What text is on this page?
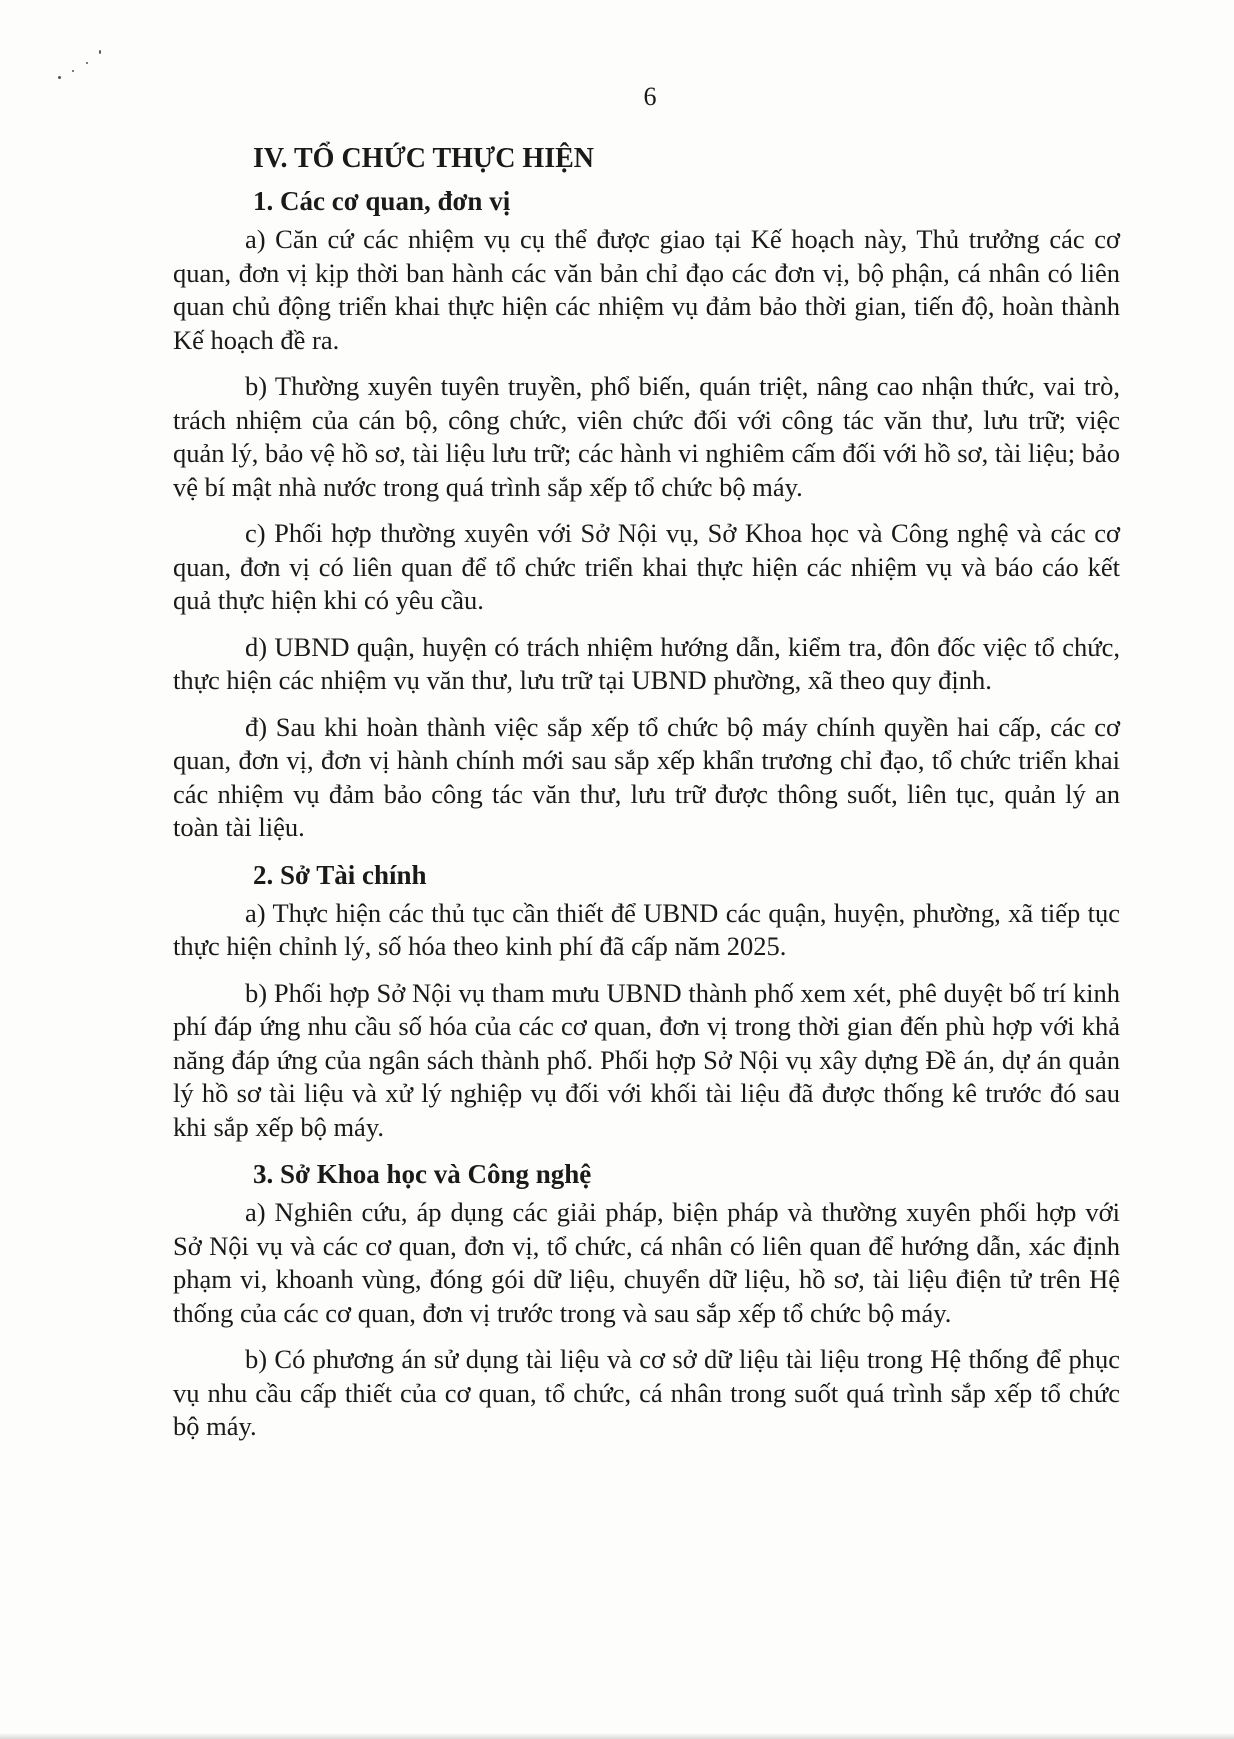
6
IV. TỔ CHỨC THỰC HIỆN
1. Các cơ quan, đơn vị

a) Căn cứ các nhiệm vụ cụ thể được giao tại Kế hoạch này, Thủ trưởng các cơ quan, đơn vị kịp thời ban hành các văn bản chỉ đạo các đơn vị, bộ phận, cá nhân có liên quan chủ động triển khai thực hiện các nhiệm vụ đảm bảo thời gian, tiến độ, hoàn thành Kế hoạch đề ra.

b) Thường xuyên tuyên truyền, phổ biến, quán triệt, nâng cao nhận thức, vai trò, trách nhiệm của cán bộ, công chức, viên chức đối với công tác văn thư, lưu trữ; việc quản lý, bảo vệ hồ sơ, tài liệu lưu trữ; các hành vi nghiêm cấm đối với hồ sơ, tài liệu; bảo vệ bí mật nhà nước trong quá trình sắp xếp tổ chức bộ máy.

c) Phối hợp thường xuyên với Sở Nội vụ, Sở Khoa học và Công nghệ và các cơ quan, đơn vị có liên quan để tổ chức triển khai thực hiện các nhiệm vụ và báo cáo kết quả thực hiện khi có yêu cầu.

d) UBND quận, huyện có trách nhiệm hướng dẫn, kiểm tra, đôn đốc việc tổ chức, thực hiện các nhiệm vụ văn thư, lưu trữ tại UBND phường, xã theo quy định.

đ) Sau khi hoàn thành việc sắp xếp tổ chức bộ máy chính quyền hai cấp, các cơ quan, đơn vị, đơn vị hành chính mới sau sắp xếp khẩn trương chỉ đạo, tổ chức triển khai các nhiệm vụ đảm bảo công tác văn thư, lưu trữ được thông suốt, liên tục, quản lý an toàn tài liệu.

2. Sở Tài chính

a) Thực hiện các thủ tục cần thiết để UBND các quận, huyện, phường, xã tiếp tục thực hiện chỉnh lý, số hóa theo kinh phí đã cấp năm 2025.

b) Phối hợp Sở Nội vụ tham mưu UBND thành phố xem xét, phê duyệt bố trí kinh phí đáp ứng nhu cầu số hóa của các cơ quan, đơn vị trong thời gian đến phù hợp với khả năng đáp ứng của ngân sách thành phố. Phối hợp Sở Nội vụ xây dựng Đề án, dự án quản lý hồ sơ tài liệu và xử lý nghiệp vụ đối với khối tài liệu đã được thống kê trước đó sau khi sắp xếp bộ máy.

3. Sở Khoa học và Công nghệ

a) Nghiên cứu, áp dụng các giải pháp, biện pháp và thường xuyên phối hợp với Sở Nội vụ và các cơ quan, đơn vị, tổ chức, cá nhân có liên quan để hướng dẫn, xác định phạm vi, khoanh vùng, đóng gói dữ liệu, chuyển dữ liệu, hồ sơ, tài liệu điện tử trên Hệ thống của các cơ quan, đơn vị trước trong và sau sắp xếp tổ chức bộ máy.

b) Có phương án sử dụng tài liệu và cơ sở dữ liệu tài liệu trong Hệ thống để phục vụ nhu cầu cấp thiết của cơ quan, tổ chức, cá nhân trong suốt quá trình sắp xếp tổ chức bộ máy.
